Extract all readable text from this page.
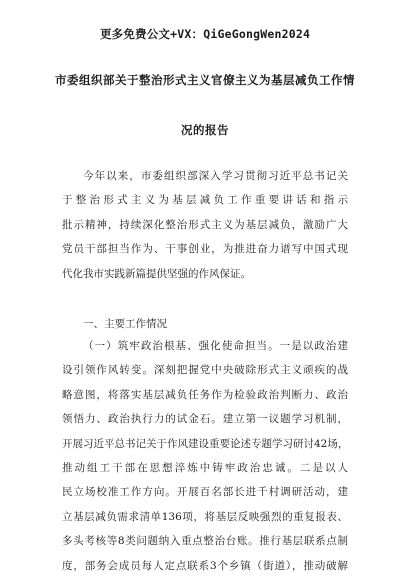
更多免费公文+VX：QiGeGongWen2024
市委组织部关于整治形式主义官僚主义为基层减负工作情
况的报告
今年以来，市委组织部深入学习贯彻习近平总书记关
于整治形式主义为基层减负工作重要讲话和指示
批示精神，持续深化整治形式主义为基层减负，激励广大
党员干部担当作为、干事创业，为推进奋力谱写中国式现
代化我市实践新篇提供坚强的作风保证。
一、主要工作情况
（一）筑牢政治根基、强化使命担当。一是以政治建
设引领作风转变。深刻把握党中央破除形式主义顽疾的战
略意图，将落实基层减负任务作为检验政治判断力、政治
领悟力、政治执行力的试金石。建立第一议题学习机制，
开展习近平总书记关于作风建设重要论述专题学习研讨42场，
推动组工干部在思想淬炼中铸牢政治忠诚。二是以人
民立场校准工作方向。开展百名部长进千村调研活动，建
立基层减负需求清单136项，将基层反映强烈的重复报表、
多头考核等8类问题纳入重点整治台账。推行基层联系点制
度，部务会成员每人定点联系3个乡镇（街道），推动破解
